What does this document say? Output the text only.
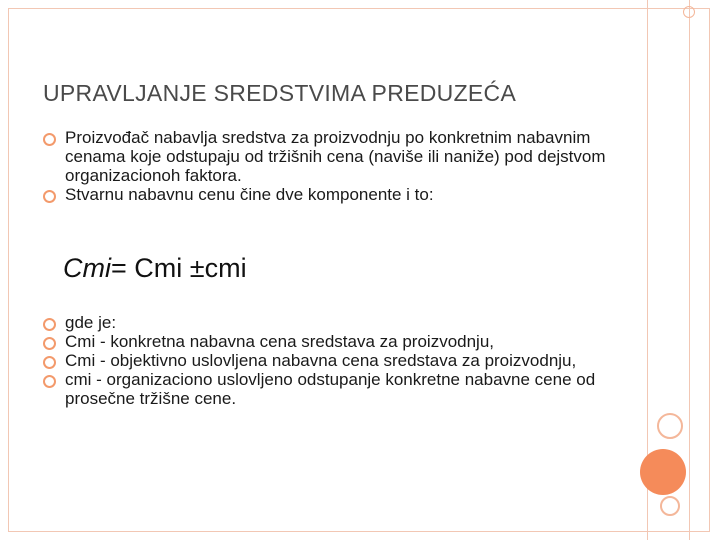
UPRAVLJANJE SREDSTVIMA PREDUZEĆA
Proizvođač nabavlja sredstva za proizvodnju po konkretnim nabavnim cenama koje odstupaju od tržišnih cena (naviše ili naniže) pod dejstvom organizacionoh faktora.
Stvarnu nabavnu cenu čine dve komponente i to:
Cmi= Cmi ±cmi
gde je:
Cmi - konkretna nabavna cena sredstava za proizvodnju,
Cmi - objektivno uslovljena nabavna cena sredstava za proizvodnju,
cmi - organizaciono uslovljeno odstupanje konkretne nabavne cene od prosečne tržišne cene.
